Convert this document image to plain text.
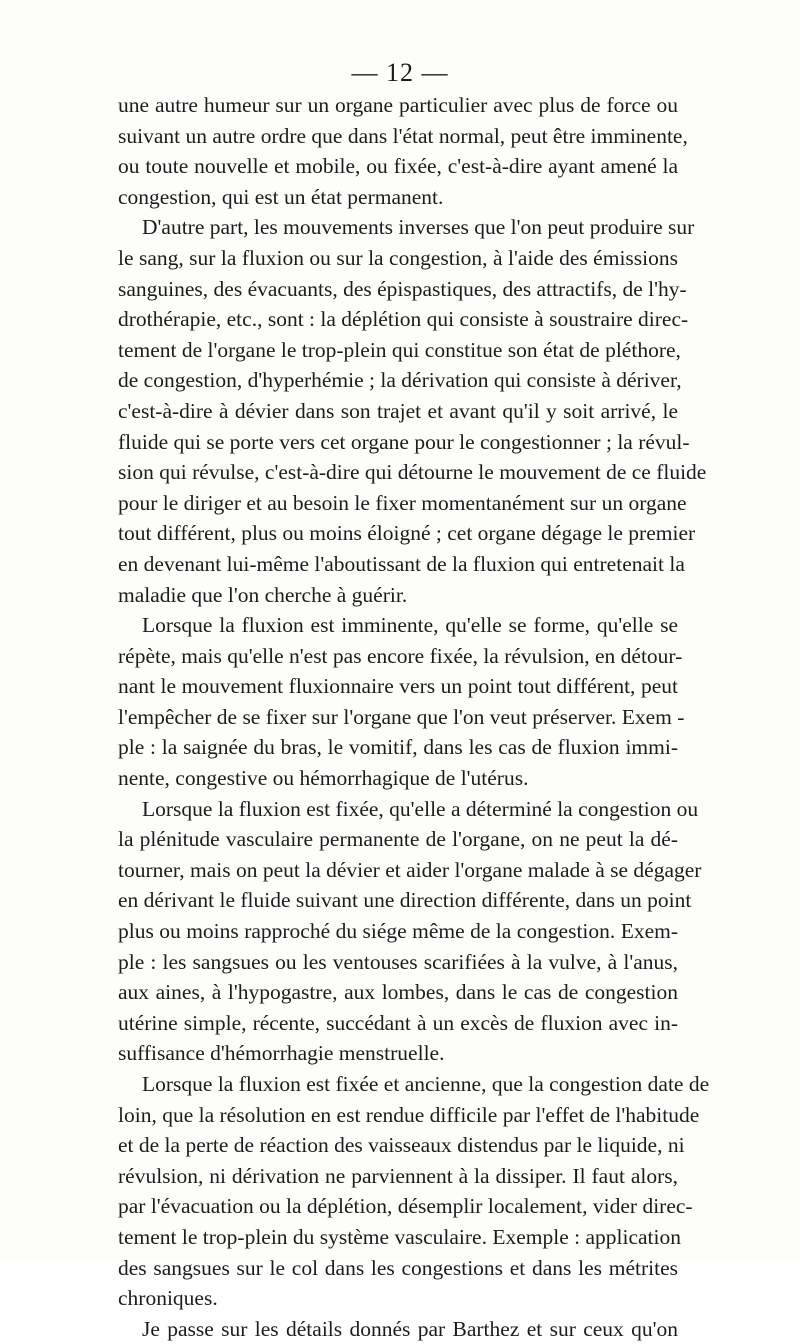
— 12 —

une autre humeur sur un organe particulier avec plus de force ou
suivant un autre ordre que dans l'état normal, peut être imminente,
ou toute nouvelle et mobile, ou fixée, c'est-à-dire ayant amené la
congestion, qui est un état permanent.

D'autre part, les mouvements inverses que l'on peut produire sur
le sang, sur la fluxion ou sur la congestion, à l'aide des émissions
sanguines, des évacuants, des épispastiques, des attractifs, de l'hy-
drothérapie, etc., sont : la déplétion qui consiste à soustraire direc-
tement de l'organe le trop-plein qui constitue son état de pléthore,
de congestion, d'hyperhémie ; la dérivation qui consiste à dériver,
c'est-à-dire à dévier dans son trajet et avant qu'il y soit arrivé, le
fluide qui se porte vers cet organe pour le congestionner ; la révul-
sion qui révulse, c'est-à-dire qui détourne le mouvement de ce fluide
pour le diriger et au besoin le fixer momentanément sur un organe
tout différent, plus ou moins éloigné ; cet organe dégage le premier
en devenant lui-même l'aboutissant de la fluxion qui entretenait la
maladie que l'on cherche à guérir.

Lorsque la fluxion est imminente, qu'elle se forme, qu'elle se
répète, mais qu'elle n'est pas encore fixée, la révulsion, en détour-
nant le mouvement fluxionnaire vers un point tout différent, peut
l'empêcher de se fixer sur l'organe que l'on veut préserver. Exem -
ple : la saignée du bras, le vomitif, dans les cas de fluxion immi-
nente, congestive ou hémorrhagique de l'utérus.

Lorsque la fluxion est fixée, qu'elle a déterminé la congestion ou
la plénitude vasculaire permanente de l'organe, on ne peut la dé-
tourner, mais on peut la dévier et aider l'organe malade à se dégager
en dérivant le fluide suivant une direction différente, dans un point
plus ou moins rapproché du siége même de la congestion. Exem-
ple : les sangsues ou les ventouses scarifiées à la vulve, à l'anus,
aux aines, à l'hypogastre, aux lombes, dans le cas de congestion
utérine simple, récente, succédant à un excès de fluxion avec in-
suffisance d'hémorrhagie menstruelle.

Lorsque la fluxion est fixée et ancienne, que la congestion date de
loin, que la résolution en est rendue difficile par l'effet de l'habitude
et de la perte de réaction des vaisseaux distendus par le liquide, ni
révulsion, ni dérivation ne parviennent à la dissiper. Il faut alors,
par l'évacuation ou la déplétion, désemplir localement, vider direc-
tement le trop-plein du système vasculaire. Exemple : application
des sangsues sur le col dans les congestions et dans les métrites
chroniques.

Je passe sur les détails donnés par Barthez et sur ceux qu'on
